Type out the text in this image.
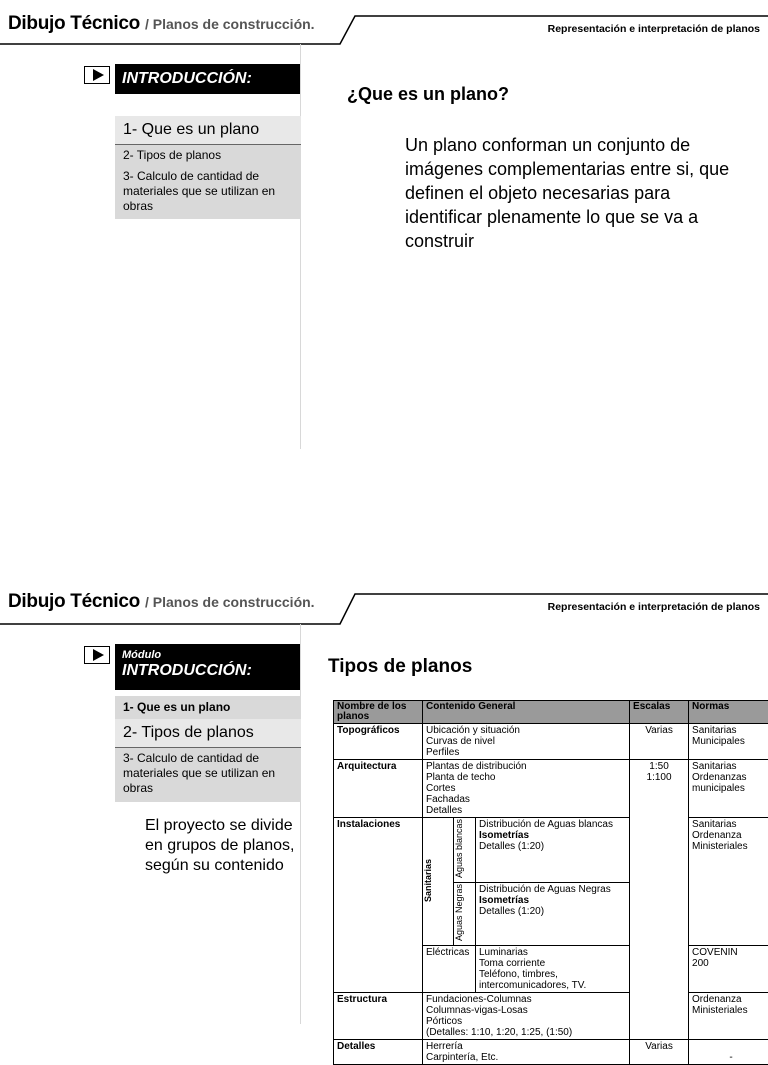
Dibujo Técnico / Planos de construcción.	Representación e interpretación de planos
INTRODUCCIÓN:
1- Que es un plano
2- Tipos de planos
3- Calculo de cantidad de materiales que se utilizan en obras
¿Que es un plano?
Un plano conforman un conjunto de imágenes complementarias entre si, que definen el objeto necesarias para identificar plenamente lo que se va a construir
Dibujo Técnico / Planos de construcción.	Representación e interpretación de planos
Módulo
INTRODUCCIÓN:
1- Que es un plano
2- Tipos de planos
3- Calculo de cantidad de materiales que se utilizan en obras
El proyecto se divide en grupos de planos, según su contenido
Tipos de planos
Nombre de los planos	Contenido General			Escalas	Normas
Topográficos	Ubicación y situación
Curvas de nivel
Perfiles			Varias	Sanitarias
Municipales

Arquitectura	Plantas de distribución
Planta de techo
Cortes
Fachadas
Detalles			1:50
1:100	Sanitarias
Ordenanzas
municipales

Instalaciones	Sanitarias	Aguas blancas	Distribución de Aguas blancas
Isometrías
Detalles (1:20)		Sanitarias
Ordenanza
Ministeriales

		Aguas Negras	Distribución de Aguas Negras
Isometrías
Detalles (1:20)		

	Eléctricas		Luminarias
Toma corriente
Teléfono, timbres,
intercomunicadores, TV.		COVENIN
200

Estructura	Fundaciones-Columnas
Columnas-vigas-Losas
Pórticos
(Detalles: 1:10, 1:20, 1:25, (1:50)				Ordenanza
Ministeriales

Detalles	Herrería
Carpintería, Etc.			Varias	-
